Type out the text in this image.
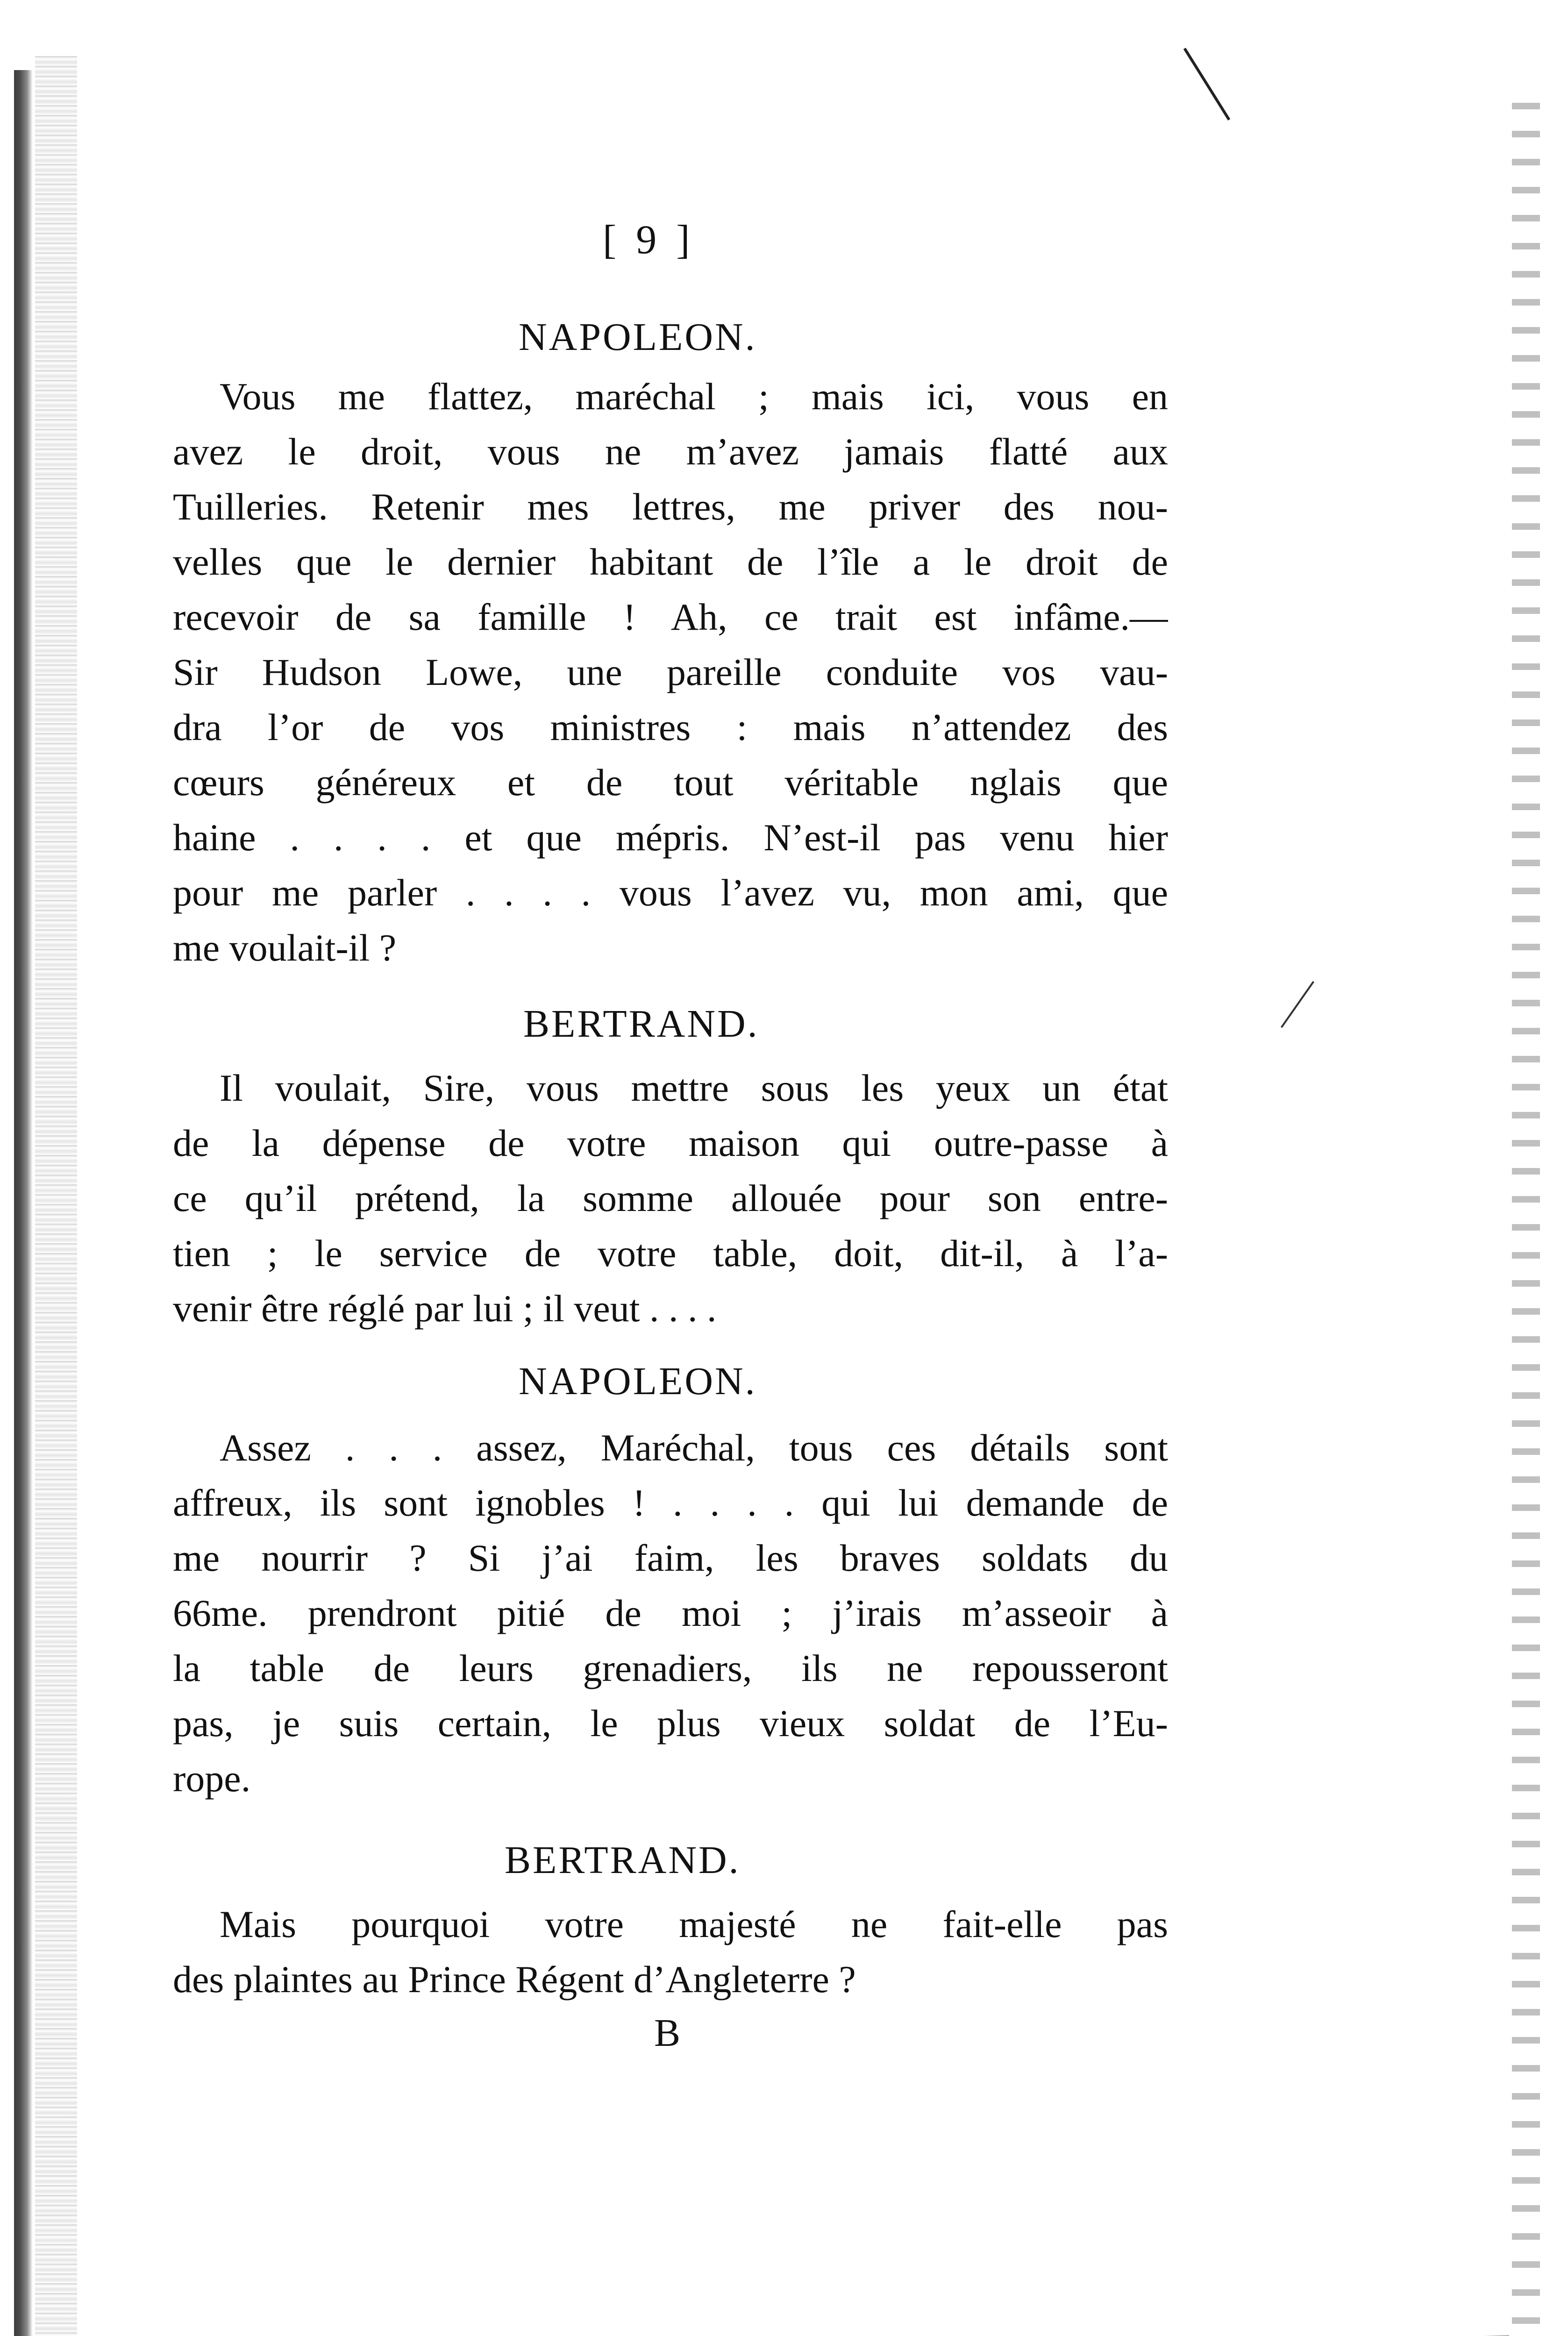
[ 9 ]
NAPOLEON.
Vous me flattez, maréchal ; mais ici, vous en
avez le droit, vous ne m’avez jamais flatté aux
Tuilleries. Retenir mes lettres, me priver des nou-
velles que le dernier habitant de l’île a le droit de
recevoir de sa famille ! Ah, ce trait est infâme.—
Sir Hudson Lowe, une pareille conduite vos vau-
dra l’or de vos ministres : mais n’attendez des
cœurs généreux et de tout véritable nglais que
haine . . . . et que mépris. N’est-il pas venu hier
pour me parler . . . . vous l’avez vu, mon ami, que
me voulait-il ?
BERTRAND.
Il voulait, Sire, vous mettre sous les yeux un état
de la dépense de votre maison qui outre-passe à
ce qu’il prétend, la somme allouée pour son entre-
tien ; le service de votre table, doit, dit-il, à l’a-
venir être réglé par lui ; il veut . . . .
NAPOLEON.
Assez . . . assez, Maréchal, tous ces détails sont
affreux, ils sont ignobles ! . . . . qui lui demande de
me nourrir ? Si j’ai faim, les braves soldats du
66me. prendront pitié de moi ; j’irais m’asseoir à
la table de leurs grenadiers, ils ne repousseront
pas, je suis certain, le plus vieux soldat de l’Eu-
rope.
BERTRAND.
Mais pourquoi votre majesté ne fait-elle pas
des plaintes au Prince Régent d’Angleterre ?
B
